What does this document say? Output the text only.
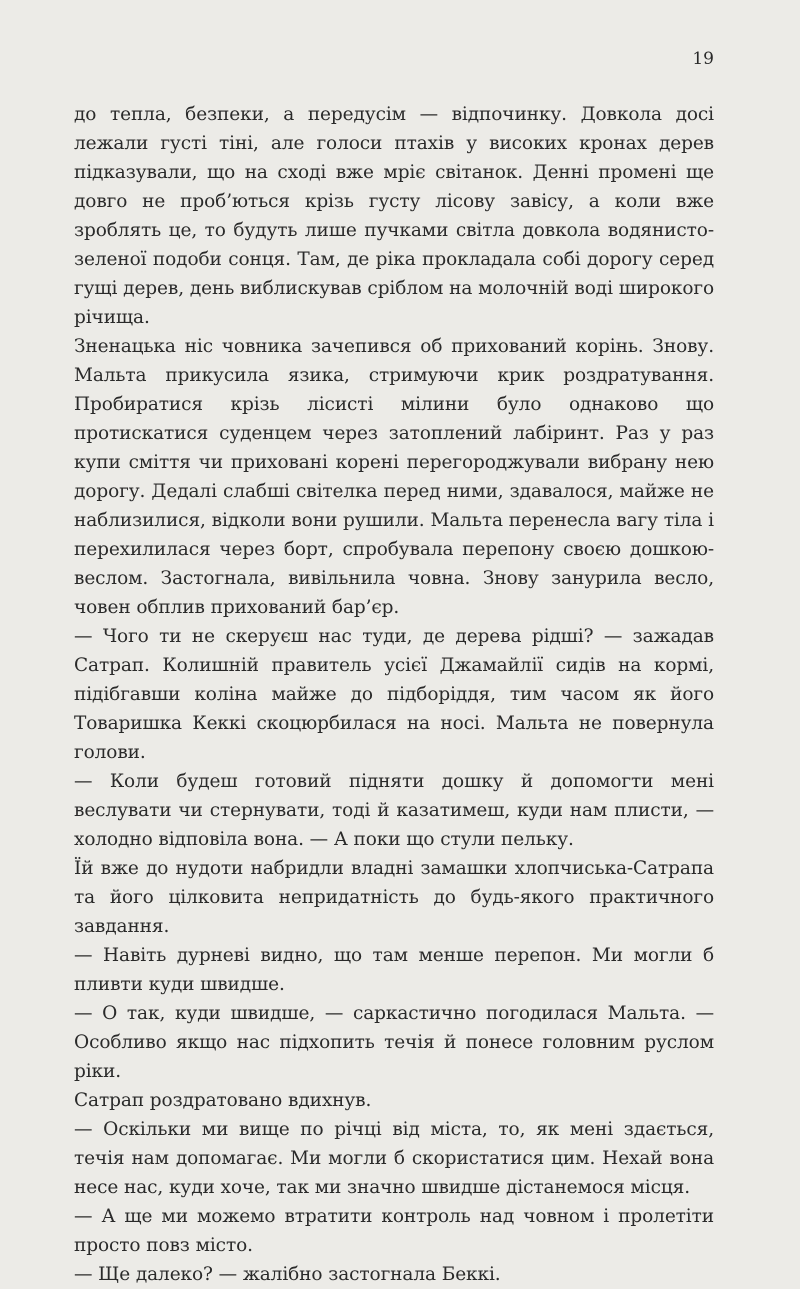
19

до тепла, безпеки, а передусім — відпочинку. Довкола досі лежали густі тіні, але голоси птахів у високих кронах дерев підказували, що на сході вже мріє світанок. Денні промені ще довго не проб’ються крізь густу лісову завісу, а коли вже зроблять це, то будуть лише пучками світла довкола водянисто-зеленої подоби сонця. Там, де ріка прокладала собі дорогу серед гущі дерев, день виблискував сріблом на молочній воді широкого річища.

Зненацька ніс човника зачепився об прихований корінь. Знову. Мальта прикусила язика, стримуючи крик роздратування. Пробиратися крізь лісисті мілини було однаково що протискатися суденцем через затоплений лабіринт. Раз у раз купи сміття чи приховані корені перегороджували вибрану нею дорогу. Дедалі слабші світелка перед ними, здавалося, майже не наблизилися, відколи вони рушили. Мальта перенесла вагу тіла і перехилилася через борт, спробувала перепону своєю дошкою-веслом. Застогнала, вивільнила човна. Знову занурила весло, човен обплив прихований бар’єр.

— Чого ти не скеруєш нас туди, де дерева рідші? — зажадав Сатрап. Колишній правитель усієї Джамайлії сидів на кормі, підібгавши коліна майже до підборіддя, тим часом як його Товаришка Кеккі скоцюрбилася на носі. Мальта не повернула голови.

— Коли будеш готовий підняти дошку й допомогти мені веслувати чи стернувати, тоді й казатимеш, куди нам плисти, — холодно відповіла вона. — А поки що стули пельку.

Їй вже до нудоти набридли владні замашки хлопчиська-Сатрапа та його цілковита непридатність до будь-якого практичного завдання.

— Навіть дурневі видно, що там менше перепон. Ми могли б пливти куди швидше.

— О так, куди швидше, — саркастично погодилася Мальта. — Особливо якщо нас підхопить течія й понесе головним руслом ріки.

Сатрап роздратовано вдихнув.

— Оскільки ми вище по річці від міста, то, як мені здається, течія нам допомагає. Ми могли б скористатися цим. Нехай вона несе нас, куди хоче, так ми значно швидше дістанемося місця.

— А ще ми можемо втратити контроль над човном і пролетіти просто повз місто.

— Ще далеко? — жалібно застогнала Беккі.
